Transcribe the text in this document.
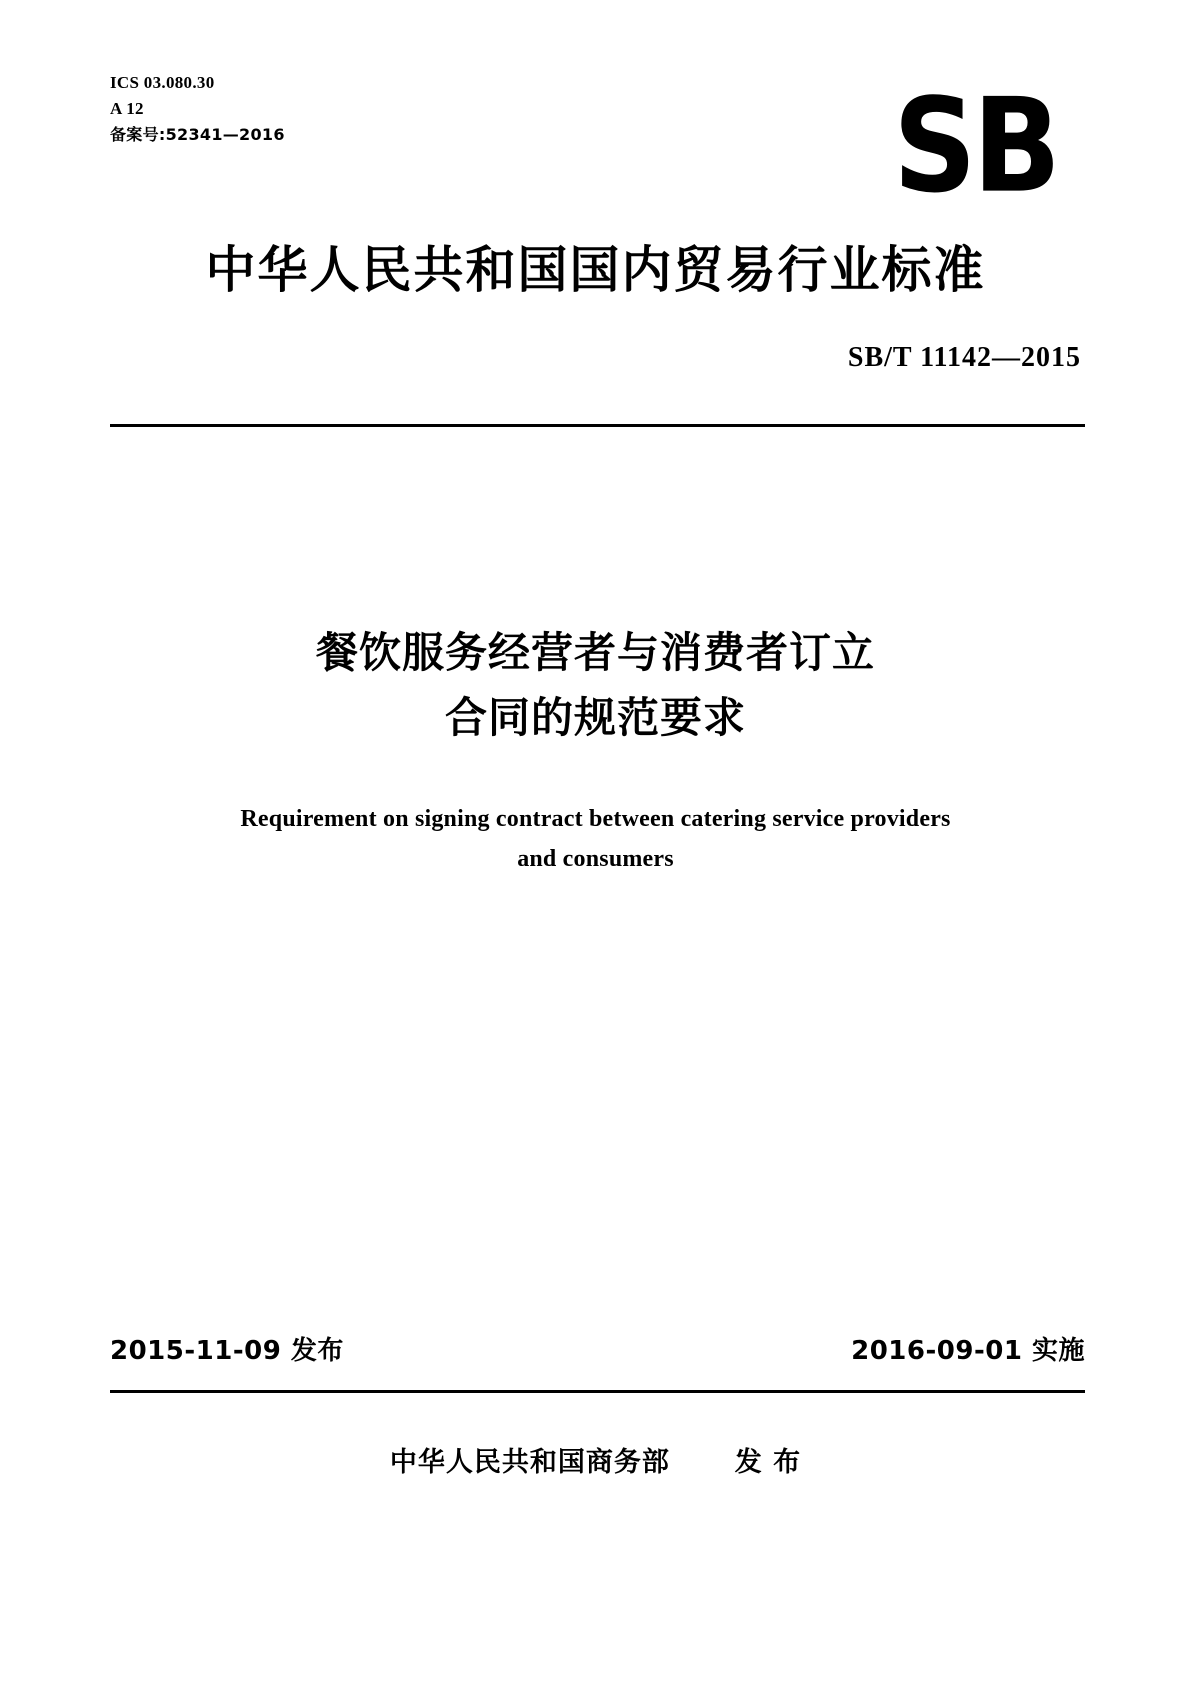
ICS 03.080.30
A 12
备案号:52341—2016	SB
中华人民共和国国内贸易行业标准
SB/T 11142—2015
餐饮服务经营者与消费者订立
合同的规范要求
Requirement on signing contract between catering service providers
and consumers
2015-11-09 发布	2016-09-01 实施
中华人民共和国商务部 发 布
